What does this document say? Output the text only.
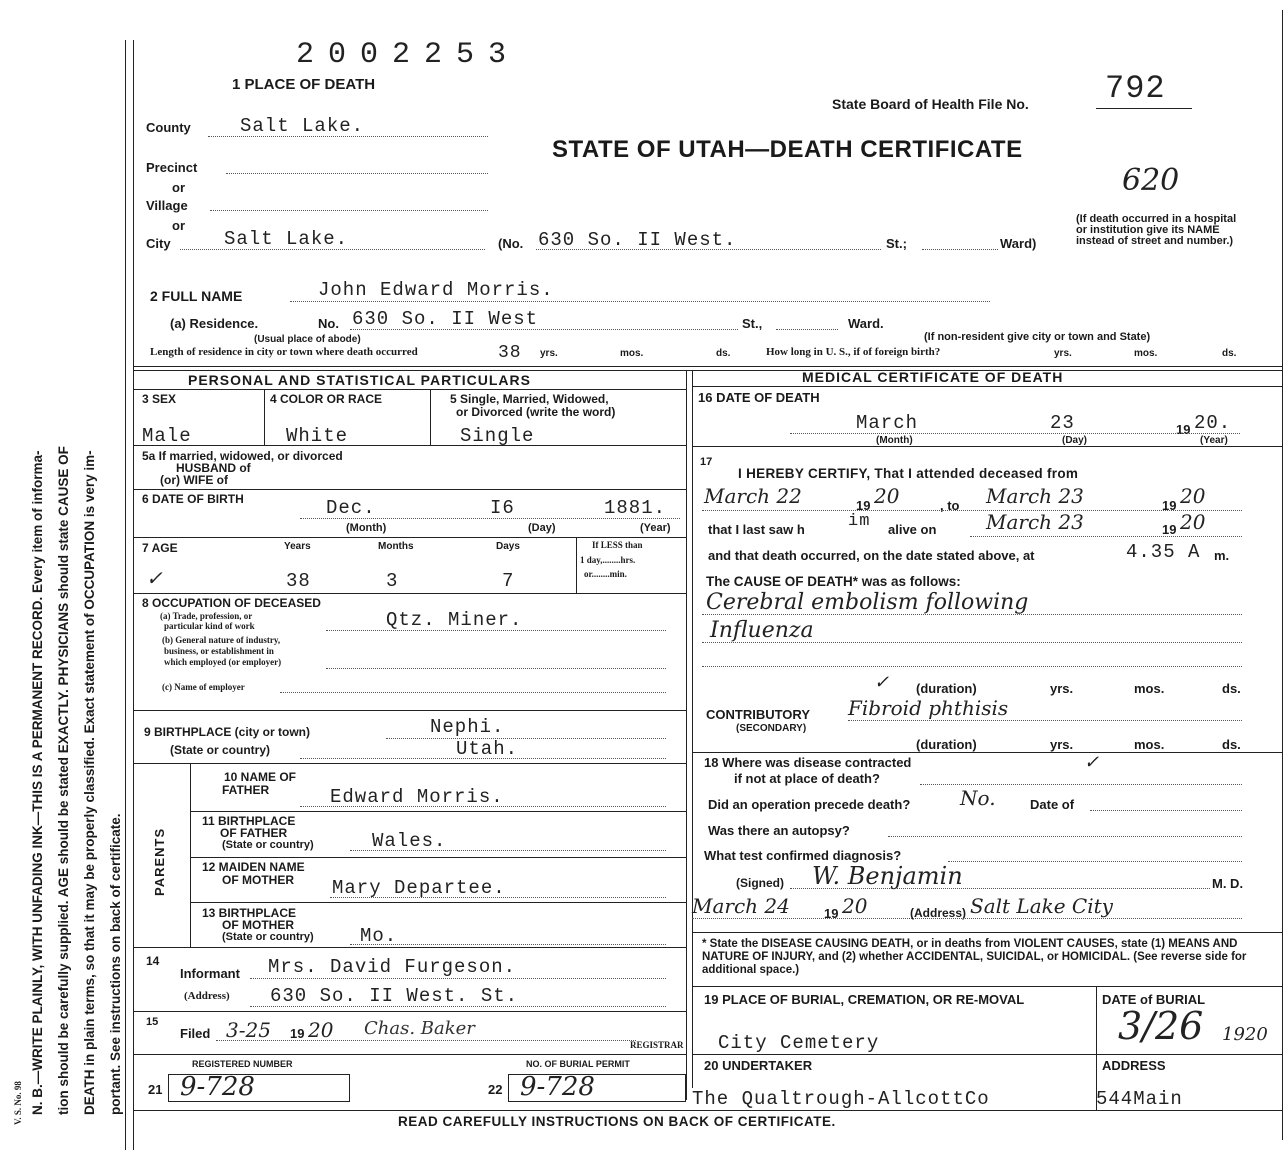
V. S. No. 98 N. B.—WRITE PLAINLY, WITH UNFADING INK—THIS IS A PERMANENT RECORD. Every item of informa- tion should be carefully supplied. AGE should be stated EXACTLY. PHYSICIANS should state CAUSE OF DEATH in plain terms, so that it may be properly classified. Exact statement of OCCUPATION is very im- portant. See instructions on back of certificate.
2002253
1 PLACE OF DEATH
State Board of Health File No. 792
STATE OF UTAH—DEATH CERTIFICATE
620
County	Salt Lake.
Precinct
or
Village
or
City	Salt Lake.	(No. 630 So. II West.	St.;	Ward)
(If death occurred in a hospital or institution give its NAME instead of street and number.)
2 FULL NAME	John Edward Morris.
(a) Residence.	No. 630 So. II West	St.,	Ward.
(Usual place of abode)	(If non-resident give city or town and State)
Length of residence in city or town where death occurred	38 yrs.	mos.	ds.	How long in U. S., if of foreign birth?	yrs.	mos.	ds.
PERSONAL AND STATISTICAL PARTICULARS
3 SEX	4 COLOR OR RACE	5 Single, Married, Widowed,
or Divorced (write the word)
Male	White	Single
5a If married, widowed, or divorced
HUSBAND of
(or) WIFE of
6 DATE OF BIRTH	Dec.	I6	1881.
(Month)	(Day)	(Year)
7 AGE	Years	Months	Days	If LESS than
1 day,........hrs.
or........min.
✓	38	3	7
8 OCCUPATION OF DECEASED
(a) Trade, profession, or
particular kind of work	Qtz. Miner.
(b) General nature of industry,
business, or establishment in
which employed (or employer)
(c) Name of employer
9 BIRTHPLACE (city or town)
(State or country)
Nephi.
Utah.
PARENTS
10 NAME OF
FATHER	Edward Morris.
11 BIRTHPLACE
OF FATHER
(State or country)	Wales.
12 MAIDEN NAME
OF MOTHER Mary Departee.
13 BIRTHPLACE
OF MOTHER
(State or country) Mo.
14
Informant Mrs. David Furgeson.
(Address) 630 So. II West. St.
15
Filed 3-25 19 20 Chas. Baker
REGISTRAR
REGISTERED NUMBER
21 9-728
NO. OF BURIAL PERMIT
22 9-728
MEDICAL CERTIFICATE OF DEATH
16 DATE OF DEATH
March	23	19 20.
(Month)	(Day)	(Year)
17
I HEREBY CERTIFY, That I attended deceased from
March 22	19 20	, to March 23	19 20
that I last saw h	im alive on March 23	19 20
and that death occurred, on the date stated above, at	4.35 A m.
The CAUSE OF DEATH* was as follows:
Cerebral embolism following
Influenza
(duration)	yrs.	mos.	ds.
✓
CONTRIBUTORY
(SECONDARY)
Fibroid phthisis
(duration)	yrs.	mos.	ds.
18 Where was disease contracted
if not at place of death?
✓
Did an operation precede death? No.	Date of
Was there an autopsy?
What test confirmed diagnosis?
(Signed) W. Benjamin	M. D.
March 24	19 20	(Address) Salt Lake City
* State the DISEASE CAUSING DEATH, or in deaths from VIOLENT CAUSES, state (1) MEANS AND NATURE OF INJURY, and (2) whether ACCIDENTAL, SUICIDAL, or HOMICIDAL. (See reverse side for additional space.)
19 PLACE OF BURIAL, CREMATION, OR RE-MOVAL
City Cemetery
DATE of BURIAL
3/26 1920
20 UNDERTAKER	ADDRESS
The Qualtrough-AllcottCo	544Main
READ CAREFULLY INSTRUCTIONS ON BACK OF CERTIFICATE.
